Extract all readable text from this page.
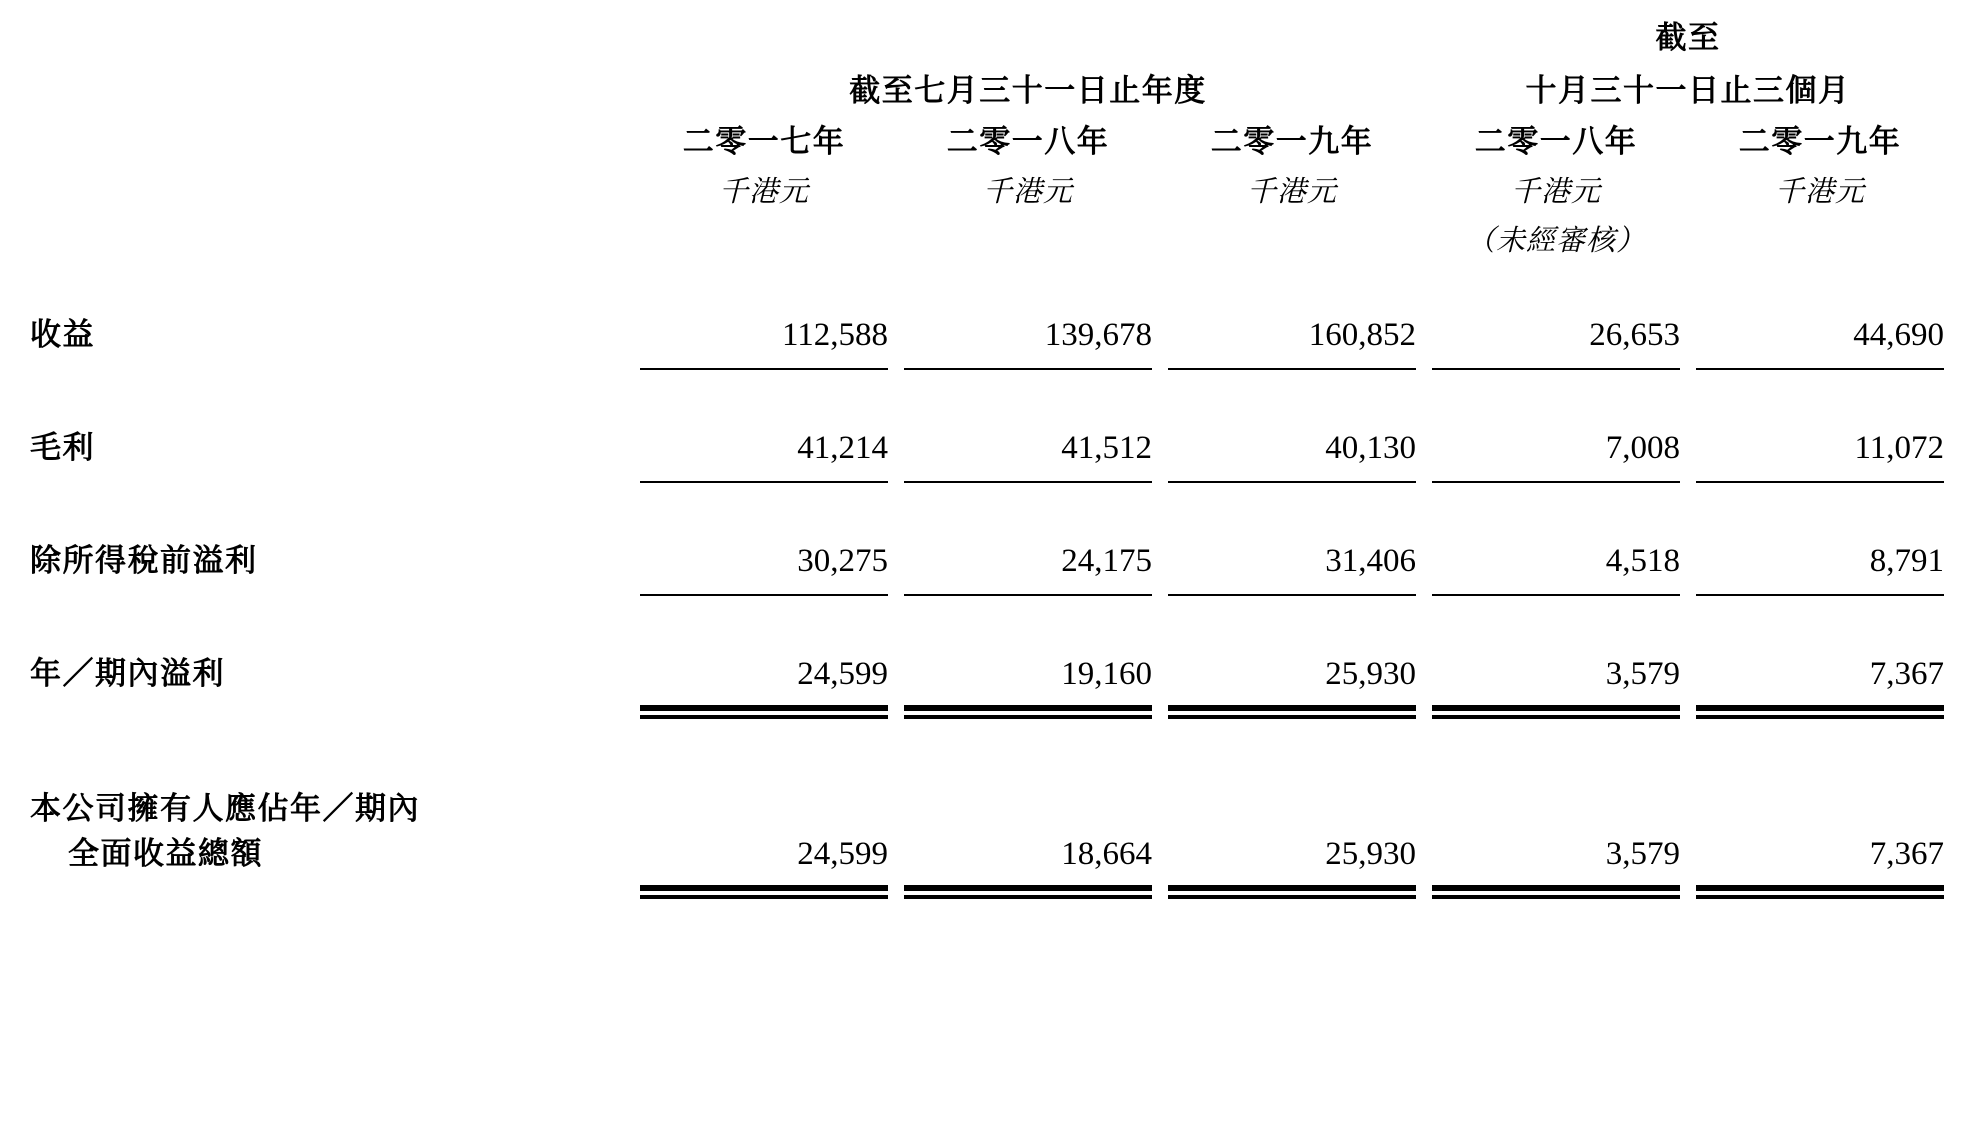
				截至	
	截至七月三十一日止年度			十月三十一日止三個月	
	二零一七年	二零一八年	二零一九年	二零一八年	二零一九年
	千港元	千港元	千港元	千港元	千港元
				（未經審核）	

收益	112,588	139,678	160,852	26,653	44,690

毛利	41,214	41,512	40,130	7,008	11,072

除所得稅前溢利	30,275	24,175	31,406	4,518	8,791

年／期內溢利	24,599	19,160	25,930	3,579	7,367

本公司擁有人應佔年／期內
全面收益總額	24,599	18,664	25,930	3,579	7,367
